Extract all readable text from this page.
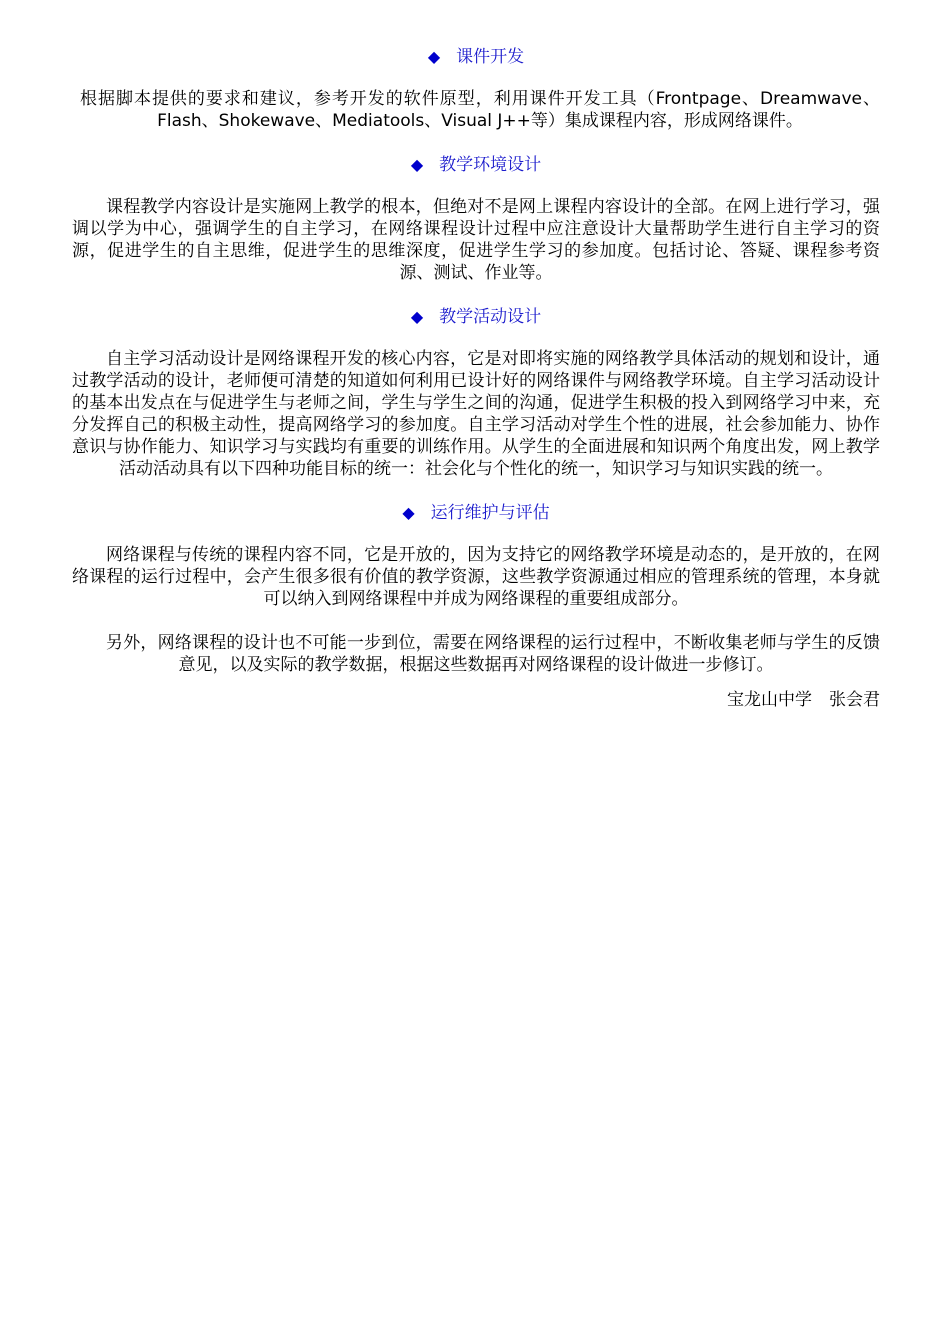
◆ 课件开发

根据脚本提供的要求和建议，参考开发的软件原型，利用课件开发工具（Frontpage、Dreamwave、Flash、Shokewave、Mediatools、Visual J++等）集成课程内容，形成网络课件。

◆ 教学环境设计

课程教学内容设计是实施网上教学的根本，但绝对不是网上课程内容设计的全部。在网上进行学习，强调以学为中心，强调学生的自主学习，在网络课程设计过程中应注意设计大量帮助学生进行自主学习的资源，促进学生的自主思维，促进学生的思维深度，促进学生学习的参加度。包括讨论、答疑、课程参考资源、测试、作业等。

◆ 教学活动设计

自主学习活动设计是网络课程开发的核心内容，它是对即将实施的网络教学具体活动的规划和设计，通过教学活动的设计，老师便可清楚的知道如何利用已设计好的网络课件与网络教学环境。自主学习活动设计的基本出发点在与促进学生与老师之间，学生与学生之间的沟通，促进学生积极的投入到网络学习中来，充分发挥自己的积极主动性，提高网络学习的参加度。自主学习活动对学生个性的进展，社会参加能力、协作意识与协作能力、知识学习与实践均有重要的训练作用。从学生的全面进展和知识两个角度出发，网上教学活动活动具有以下四种功能目标的统一：社会化与个性化的统一，知识学习与知识实践的统一。

◆ 运行维护与评估

网络课程与传统的课程内容不同，它是开放的，因为支持它的网络教学环境是动态的，是开放的，在网络课程的运行过程中，会产生很多很有价值的教学资源，这些教学资源通过相应的管理系统的管理，本身就可以纳入到网络课程中并成为网络课程的重要组成部分。

另外，网络课程的设计也不可能一步到位，需要在网络课程的运行过程中，不断收集老师与学生的反馈意见，以及实际的教学数据，根据这些数据再对网络课程的设计做进一步修订。

宝龙山中学　张会君
